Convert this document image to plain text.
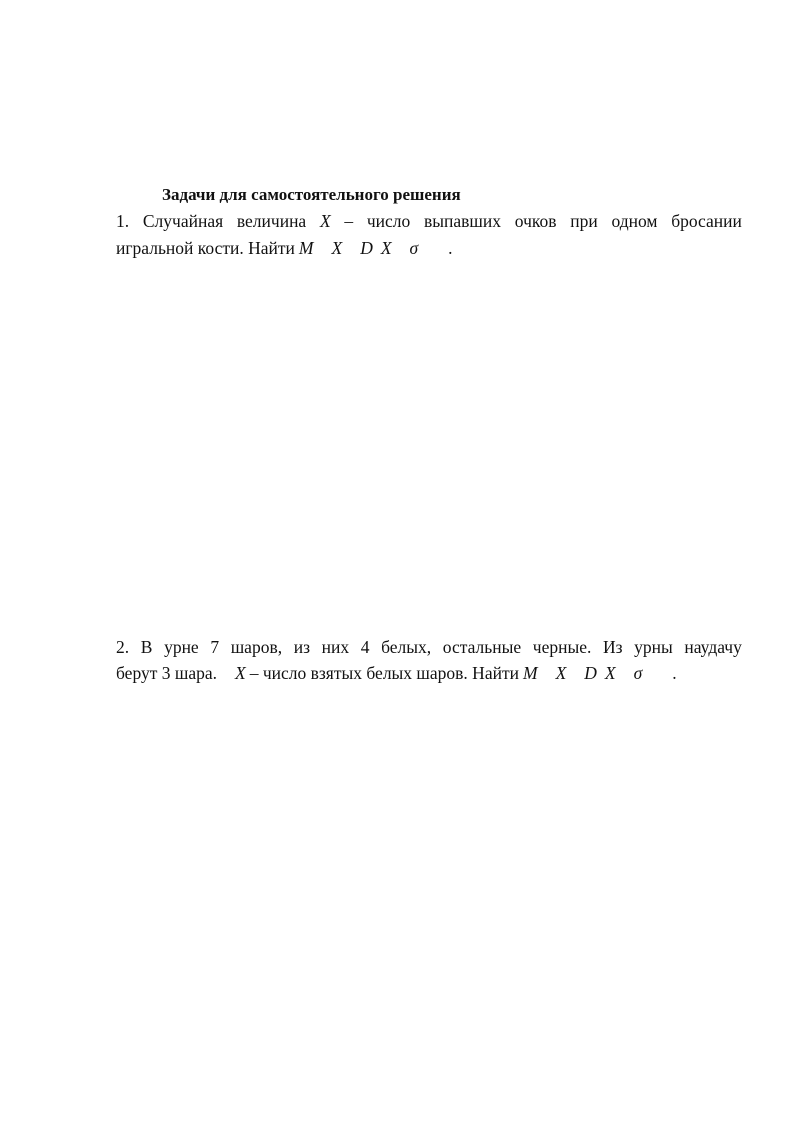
Задачи для самостоятельного решения
1. Случайная величина X – число выпавших очков при одном бросании
игральной кости. Найти M X D X σ .
2. В урне 7 шаров, из них 4 белых, остальные черные. Из урны наудачу
берут 3 шара. X – число взятых белых шаров. Найти M X D X σ .
